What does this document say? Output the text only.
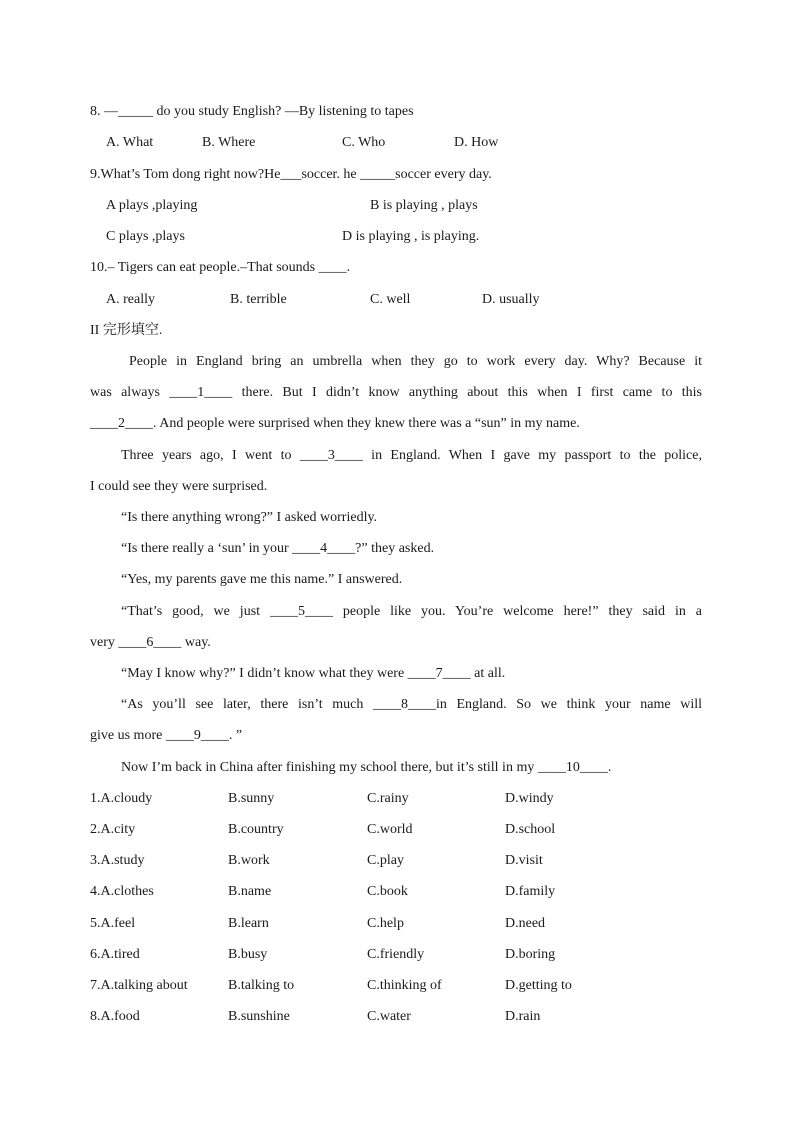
8. —_____ do you study English? —By listening to tapes
A. What	B. Where	C. Who	D. How
9.What’s Tom dong right now?He___soccer. he _____soccer every day.
A plays ,playing	B is playing , plays
C plays ,plays	D is playing , is playing.
10.– Tigers can eat people.–That sounds ____.
A. really	B. terrible	C. well	D. usually
II 完形填空.
People in England bring an umbrella when they go to work every day. Why? Because it
was always ____1____ there. But I didn’t know anything about this when I first came to this
____2____. And people were surprised when they knew there was a “sun” in my name.
Three years ago, I went to ____3____ in England. When I gave my passport to the police,
I could see they were surprised.
“Is there anything wrong?” I asked worriedly.
“Is there really a ‘sun’ in your ____4____?” they asked.
“Yes, my parents gave me this name.” I answered.
“That’s good, we just ____5____ people like you. You’re welcome here!” they said in a
very ____6____ way.
“May I know why?” I didn’t know what they were ____7____ at all.
“As you’ll see later, there isn’t much ____8____in England. So we think your name will
give us more ____9____. ”
Now I’m back in China after finishing my school there, but it’s still in my ____10____.
1.A.cloudy	B.sunny	C.rainy	D.windy
2.A.city	B.country	C.world	D.school
3.A.study	B.work	C.play	D.visit
4.A.clothes	B.name	C.book	D.family
5.A.feel	B.learn	C.help	D.need
6.A.tired	B.busy	C.friendly	D.boring
7.A.talking about	B.talking to	C.thinking of	D.getting to
8.A.food	B.sunshine	C.water	D.rain
